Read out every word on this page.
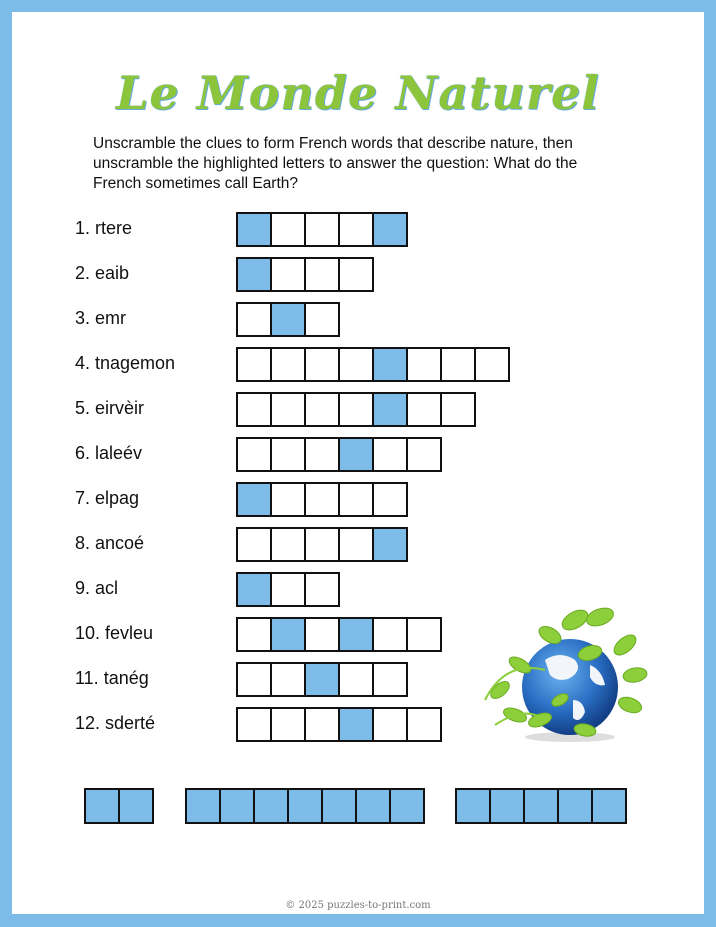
Le Monde Naturel
Unscramble the clues to form French words that describe nature, then unscramble the highlighted letters to answer the question: What do the French sometimes call Earth?
1. rtere
2. eaib
3. emr
4. tnagemon
5. eirvèir
6. laleév
7. elpag
8. ancoé
9. acl
10. fevleu
11. tanég
12. sderté
© 2025 puzzles-to-print.com
